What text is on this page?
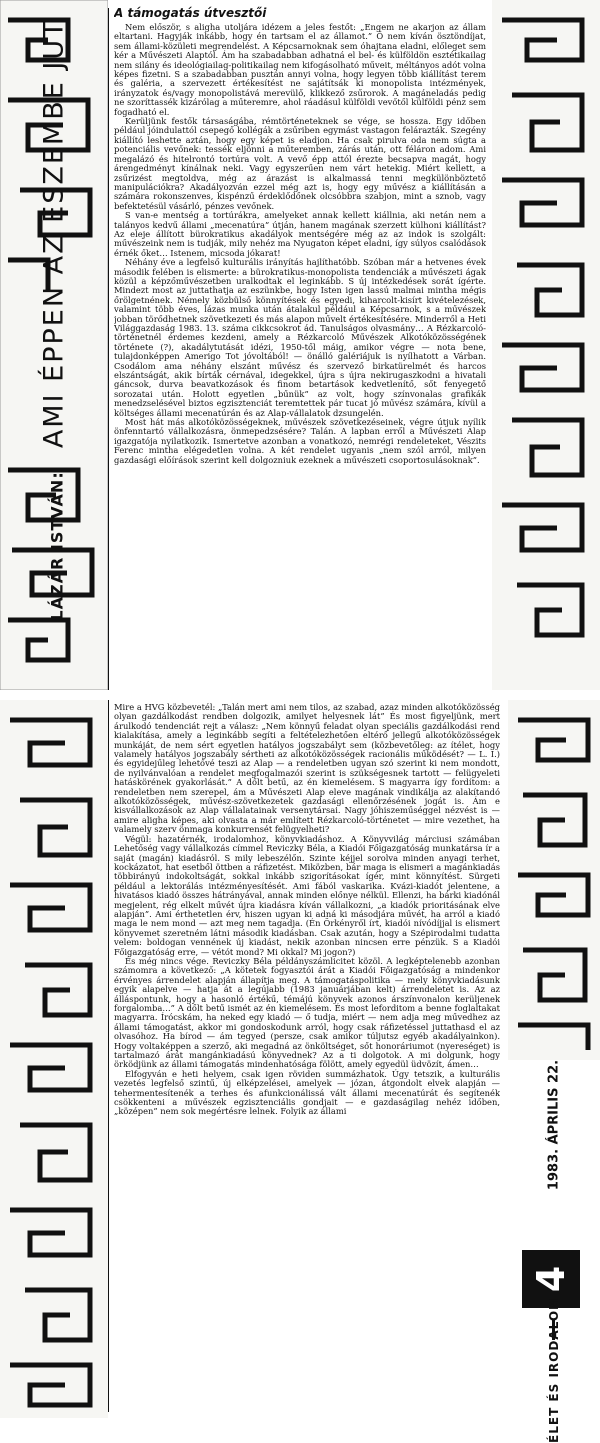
LÁZÁR ISTVÁN: AMI ÉPPEN AZ ESZEMBE JUT

A támogatás útvesztői

Nem először, s aligha utoljára idézem a jeles festőt: „Engem ne akarjon az állam eltartani. Hagyják inkább, hogy én tartsam el az államot.” Ő nem kíván ösztöndíjat, sem állami-közületi megrendelést. A Képcsarnoknak sem óhajtana eladni, előleget sem kér a Művészeti Alaptól. Ám ha szabadabban adhatná el bel- és külföldön esztétikailag nem silány és ideológiailag-politikailag nem kifogásolható műveit, méltányos adót volna képes fizetni. S a szabadabban pusztán annyi volna, hogy legyen több kiállítást terem és galéria, a szervezett értékesítést ne sajátítsák ki monopolista intézmények, irányzatok és/vagy monopolistává merevülő, klikkező zsűrorok. A magáneladás pedig ne szoríttassék kizárólag a műteremre, ahol ráadásul külföldi vevőtől külföldi pénz sem fogadható el.

Kerüljünk festők társaságába, rémtörténeteknek se vége, se hossza. Egy időben például jóindulattól csepegő kollégák a zsűriben egymást vastagon felárazták. Szegény kiállító leshette aztán, hogy egy képet is eladjon. Ha csak pirulva oda nem súgta a potenciális vevőnek: tessék eljönni a műteremben, zárás után, ott féláron adom. Ami megalázó és hitelrontó tortúra volt. A vevő épp attól érezte becsapva magát, hogy árengedményt kínálnak neki. Vagy egyszerűen nem várt hetekig. Miért kellett, a zsűrizést megtoldva, még az árazást is alkalmassá tenni megkülönböztető manipulációkra? Akadályozván ezzel még azt is, hogy egy művész a kiállításán a számára rokonszenves, kispénzű érdeklődőnek olcsóbbra szabjon, mint a sznob, vagy befektetésül vásárló, pénzes vevőnek.

S van-e mentség a tortúrákra, amelyeket annak kellett kiállnia, aki netán nem a talányos kedvű állami „mecenatúra” útján, hanem magának szerzett külhoni kiállítást? Az eleje állított bürokratikus akadályok mentségére még az az indok is szolgált: művészeink nem is tudják, mily nehéz ma Nyugaton képet eladni, így súlyos csalódások érnék őket… Istenem, micsoda jókarat!

Néhány éve a legfelső kulturális irányítás hajlíthatóbb. Szóban már a hetvenes évek második felében is elismerte: a bürokratikus-monopolista tendenciák a művészeti ágak közül a képzőművészetben uralkodtak el leginkább. S új intézkedések sorát ígérte. Mindezt most az juttathatja az eszünkbe, hogy Isten igen lassú malmai mintha mégis őrölgetnének. Némely közbülső könnyítések és egyedi, kiharcolt-kisírt kivételezések, valamint több éves, lázas munka után átalakul például a Képcsarnok, s a művészek jobban törődhetnek szövetkezeti és más alapon művelt értékesítésére. Minderről a Heti Világgazdaság 1983. 13. száma cikkcsokrot ád. Tanulságos olvasmány… A Rézkarcoló-történetnél érdemes kezdeni, amely a Rézkarcoló Művészek Alkotóközösségének története (?), akadálytutását idézi, 1950-től máig, amikor végre — nota bene, tulajdonképpen Amerigo Tot jóvoltából! — önálló galériájuk is nyílhatott a Várban. Csodálom ama néhány elszánt művész és szervező birkatürelmét és harcos elszántságát, akik bírták cérnával, idegekkel, újra s újra nekirugaszkodni a hivatali gáncsok, durva beavatkozások és finom betartások kedvetlenítő, sőt fenyegető sorozatai után. Holott egyetlen „bűnük” az volt, hogy színvonalas grafikák menedzselésével biztos egzisztenciát teremtettek pár tucat jó művész számára, kívül a költséges állami mecenatúrán és az Alap-vállalatok dzsungelén.

Most hát más alkotóközösségeknek, művészek szövetkezéseinek, végre útjuk nyílik önfenntartó vállalkozásra, önmepedzsésére? Talán. A lapban erről a Művészeti Alap igazgatója nyilatkozik. Ismertetve azonban a vonatkozó, nemrégi rendeleteket, Vészits Ferenc mintha elégedetlen volna. A két rendelet ugyanis „nem szól arról, milyen gazdasági előírások szerint kell dolgozniuk ezeknek a művészeti csoportosulásoknak”.

Mire a HVG közbevetél: „Talán mert ami nem tilos, az szabad, azaz minden alkotóközösség olyan gazdálkodást rendben dolgozik, amilyet helyesnek lát” És most figyeljünk, mert árulkodó tendenciát rejt a válasz: „Nem könnyű feladat olyan speciális gazdálkodási rend kialakítása, amely a leginkább segíti a feltételezhetően eltérő jellegű alkotóközösségek munkáját, de nem sért egyetlen hatályos jogszabályt sem (közbevetőleg: az ítélet, hogy valamely hatályos jogszabály sértheti az alkotóközösségek racionális működését? — L. I.) és egyidejűleg lehetővé teszi az Alap — a rendeletben ugyan szó szerint ki nem mondott, de nyilvánvalóan a rendelet megfogalmazói szerint is szükségesnek tartott — felügyeleti hatáskörének gyakorlását.” A dőlt betű, az én kiemelésem. S magyarra így fordítom: a rendeletben nem szerepel, ám a Művészeti Alap eleve magának vindikálja az alakítandó alkotóközösségek, művész-szövetkezetek gazdasági ellenőrzésének jogát is. Ám e kisvállalkozások az Alap vállalatainak versenytársai. Nagy jóhiszeműséggel nézvést is — amire aligha képes, aki olvasta a már említett Rézkarcoló-történetet — mire vezethet, ha valamely szerv önmaga konkurrensét felügyelheti?

Végül: hazatérnék, irodalomhoz, könyvkiadáshoz. A Könyvvilág márciusi számában Lehetőség vagy vállalkozás címmel Reviczky Béla, a Kiadói Főigazgatóság munkatársa ír a saját (magán) kiadásról. S mily lebeszélőn. Szinte kéjjel sorolva minden anyagi terhet, kockázatot, hat esetből öttben a ráfizetést. Miközben, bár maga is elismeri a magánkiadás többirányú indokoltságát, sokkal inkább szigorításokat ígér, mint könnyítést. Sürgeti például a lektorálás intézményesítését. Ami fából vaskarika. Kvázi-kiadót jelentene, a hivatásos kiadó összes hátrányával, annak minden előnye nélkül. Ellenzi, ha bárki kiadónál megjelent, rég elkelt művét újra kiadásra kíván vállalkozni, „a kiadók prioritásának elve alapján”. Ami érthetetlen érv, hiszen ugyan ki adná ki másodjára művét, ha arról a kiadó maga le nem mond — azt meg nem tagadja. (Én Örkényről írt, kiadói nívódíjjal is elismert könyvemet szeretném látni második kiadásban. Csak azután, hogy a Szépirodalmi tudatta velem: boldogan vennének új kiadást, nekik azonban nincsen erre pénzük. S a Kiadói Főigazgatóság erre, — vétót mond? Mi okkal? Mi jogon?)

És még nincs vége. Reviczky Béla példányszámlicitet közöl. A legképtelenebb azonban számomra a következő: „A kötetek fogyasztói árát a Kiadói Főigazgatóság a mindenkor érvényes árrendelet alapján állapítja meg. A támogatáspolitika — mely könyvkiadásunk egyik alapelve — hatja át a legújabb (1983 januárjában kelt) árrendeletet is. Az az álláspontunk, hogy a hasonló értékű, témájú könyvek azonos árszínvonalon kerüljenek forgalomba…” A dőlt betű ismét az én kiemelésem. És most leforditom a benne foglaltakat magyarra. Írócskám, ha neked egy kiadó — ő tudja, miért — nem adja meg művedhez az állami támogatást, akkor mi gondoskodunk arról, hogy csak ráfizetéssel juttathasd el az olvasóhoz. Ha bírod — ám tegyed (persze, csak amikor túljutsz egyéb akadályainkon). Hogy voltaképpen a szerző, aki megadná az önköltséget, sőt honoráriumot (nyereséget) is tartalmazó árát mangánkiadású könyvednek? Az a ti dolgotok. A mi dolgunk, hogy örködjünk az állami támogatás mindenhatósága fölött, amely egyedül üdvözít, ámen…

Elfogyván e heti helyem, csak igen röviden summázhatok. Úgy tetszik, a kulturális vezetés legfelső szintű, új elképzelései, amelyek — józan, átgondolt elvek alapján — tehermentesítenék a terhes és afunkcionálissá vált állami mecenatúrát és segítenék csökkenteni a művészek egzisztenciális gondjait — e gazdaságilag nehéz időben, „középen” nem sok megértésre lelnek. Folyik az állami	1983. ÁPRILIS 22.
4
ÉLET ÉS IRODALOM
